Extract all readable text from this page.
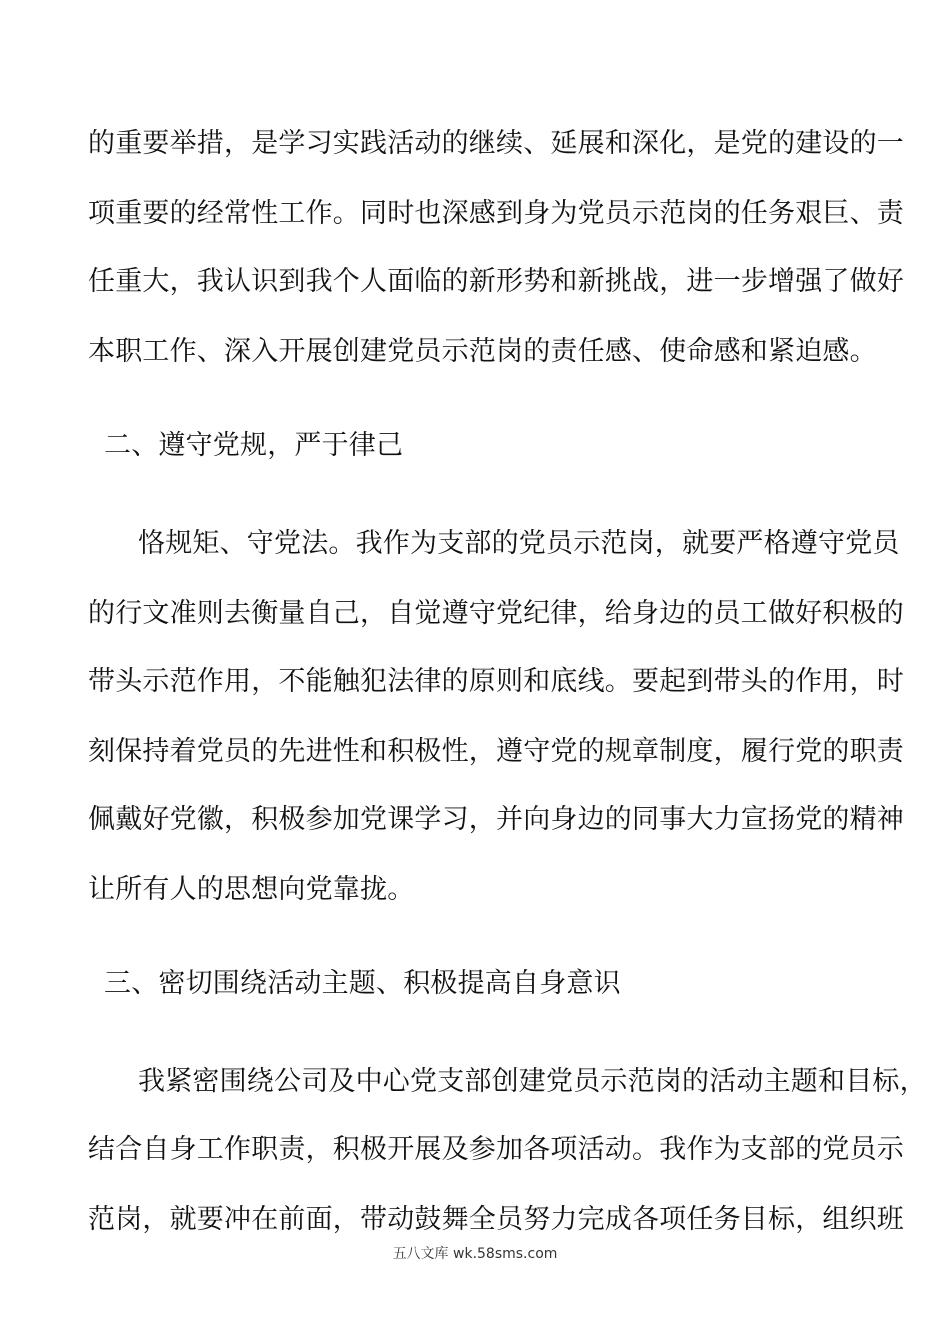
的重要举措，是学习实践活动的继续、延展和深化，是党的建设的一
项重要的经常性工作。同时也深感到身为党员示范岗的任务艰巨、责
任重大，我认识到我个人面临的新形势和新挑战，进一步增强了做好
本职工作、深入开展创建党员示范岗的责任感、使命感和紧迫感。
二、遵守党规，严于律己
恪规矩、守党法。我作为支部的党员示范岗，就要严格遵守党员
的行文准则去衡量自己，自觉遵守党纪律，给身边的员工做好积极的
带头示范作用，不能触犯法律的原则和底线。要起到带头的作用，时
刻保持着党员的先进性和积极性，遵守党的规章制度，履行党的职责
佩戴好党徽，积极参加党课学习，并向身边的同事大力宣扬党的精神
让所有人的思想向党靠拢。
三、密切围绕活动主题、积极提高自身意识
我紧密围绕公司及中心党支部创建党员示范岗的活动主题和目标，
结合自身工作职责，积极开展及参加各项活动。我作为支部的党员示
范岗，就要冲在前面，带动鼓舞全员努力完成各项任务目标，组织班
五八文库 wk.58sms.com
